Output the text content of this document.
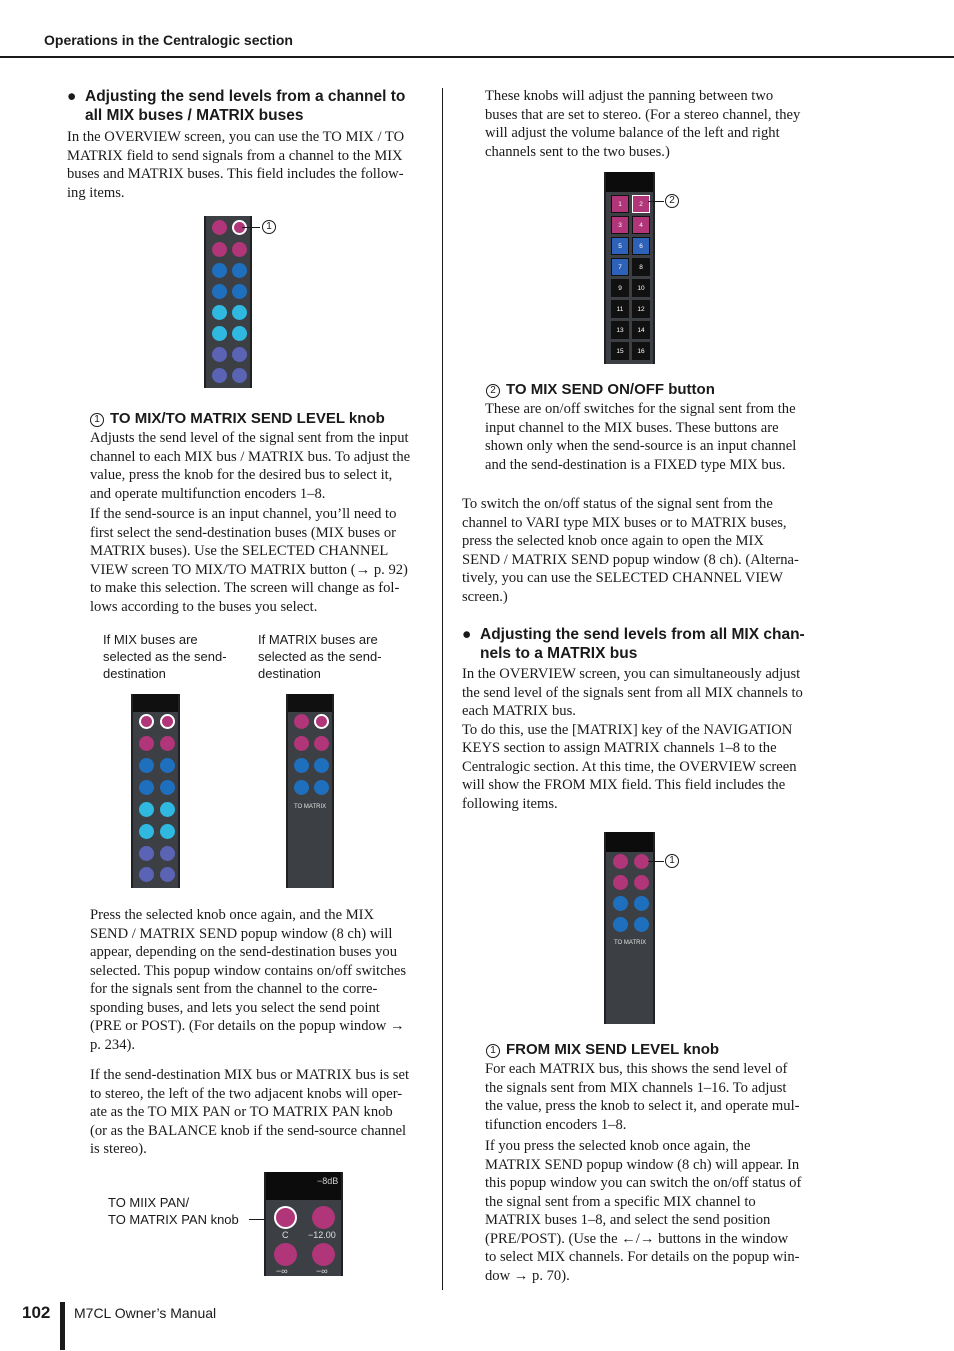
Operations in the Centralogic section
● Adjusting the send levels from a channel to
all MIX buses / MATRIX buses
In the OVERVIEW screen, you can use the TO MIX / TO
MATRIX field to send signals from a channel to the MIX
buses and MATRIX buses. This field includes the follow-
ing items.
1
1 TO MIX/TO MATRIX SEND LEVEL knob
Adjusts the send level of the signal sent from the input
channel to each MIX bus / MATRIX bus. To adjust the
value, press the knob for the desired bus to select it,
and operate multifunction encoders 1–8.
If the send-source is an input channel, you’ll need to
first select the send-destination buses (MIX buses or
MATRIX buses). Use the SELECTED CHANNEL
VIEW screen TO MIX/TO MATRIX button (→ p. 92)
to make this selection. The screen will change as fol-
lows according to the buses you select.
If MIX buses are
selected as the send-
destination
If MATRIX buses are
selected as the send-
destination
TO MATRIX
Press the selected knob once again, and the MIX
SEND / MATRIX SEND popup window (8 ch) will
appear, depending on the send-destination buses you
selected. This popup window contains on/off switches
for the signals sent from the channel to the corre-
sponding buses, and lets you select the send point
(PRE or POST). (For details on the popup window →
p. 234).
If the send-destination MIX bus or MATRIX bus is set
to stereo, the left of the two adjacent knobs will oper-
ate as the TO MIX PAN or TO MATRIX PAN knob
(or as the BALANCE knob if the send-source channel
is stereo).
TO MIIX PAN/
TO MATRIX PAN knob
−8dB
C −12.00
−∞	−∞
These knobs will adjust the panning between two
buses that are set to stereo. (For a stereo channel, they
will adjust the volume balance of the left and right
channels sent to the two buses.)
1	2
3	4
5	6
7	8
9	10
11	12
13	14
15	16
2
2 TO MIX SEND ON/OFF button
These are on/off switches for the signal sent from the
input channel to the MIX buses. These buttons are
shown only when the send-source is an input channel
and the send-destination is a FIXED type MIX bus.
To switch the on/off status of the signal sent from the
channel to VARI type MIX buses or to MATRIX buses,
press the selected knob once again to open the MIX
SEND / MATRIX SEND popup window (8 ch). (Alterna-
tively, you can use the SELECTED CHANNEL VIEW
screen.)
● Adjusting the send levels from all MIX chan-
nels to a MATRIX bus
In the OVERVIEW screen, you can simultaneously adjust
the send level of the signals sent from all MIX channels to
each MATRIX bus.
To do this, use the [MATRIX] key of the NAVIGATION
KEYS section to assign MATRIX channels 1–8 to the
Centralogic section. At this time, the OVERVIEW screen
will show the FROM MIX field. This field includes the
following items.
TO MATRIX
1
1 FROM MIX SEND LEVEL knob
For each MATRIX bus, this shows the send level of
the signals sent from MIX channels 1–16. To adjust
the value, press the knob to select it, and operate mul-
tifunction encoders 1–8.
If you press the selected knob once again, the
MATRIX SEND popup window (8 ch) will appear. In
this popup window you can switch the on/off status of
the signal sent from a specific MIX channel to
MATRIX buses 1–8, and select the send position
(PRE/POST). (Use the ←/→ buttons in the window
to select MIX channels. For details on the popup win-
dow → p. 70).
102 M7CL Owner’s Manual
